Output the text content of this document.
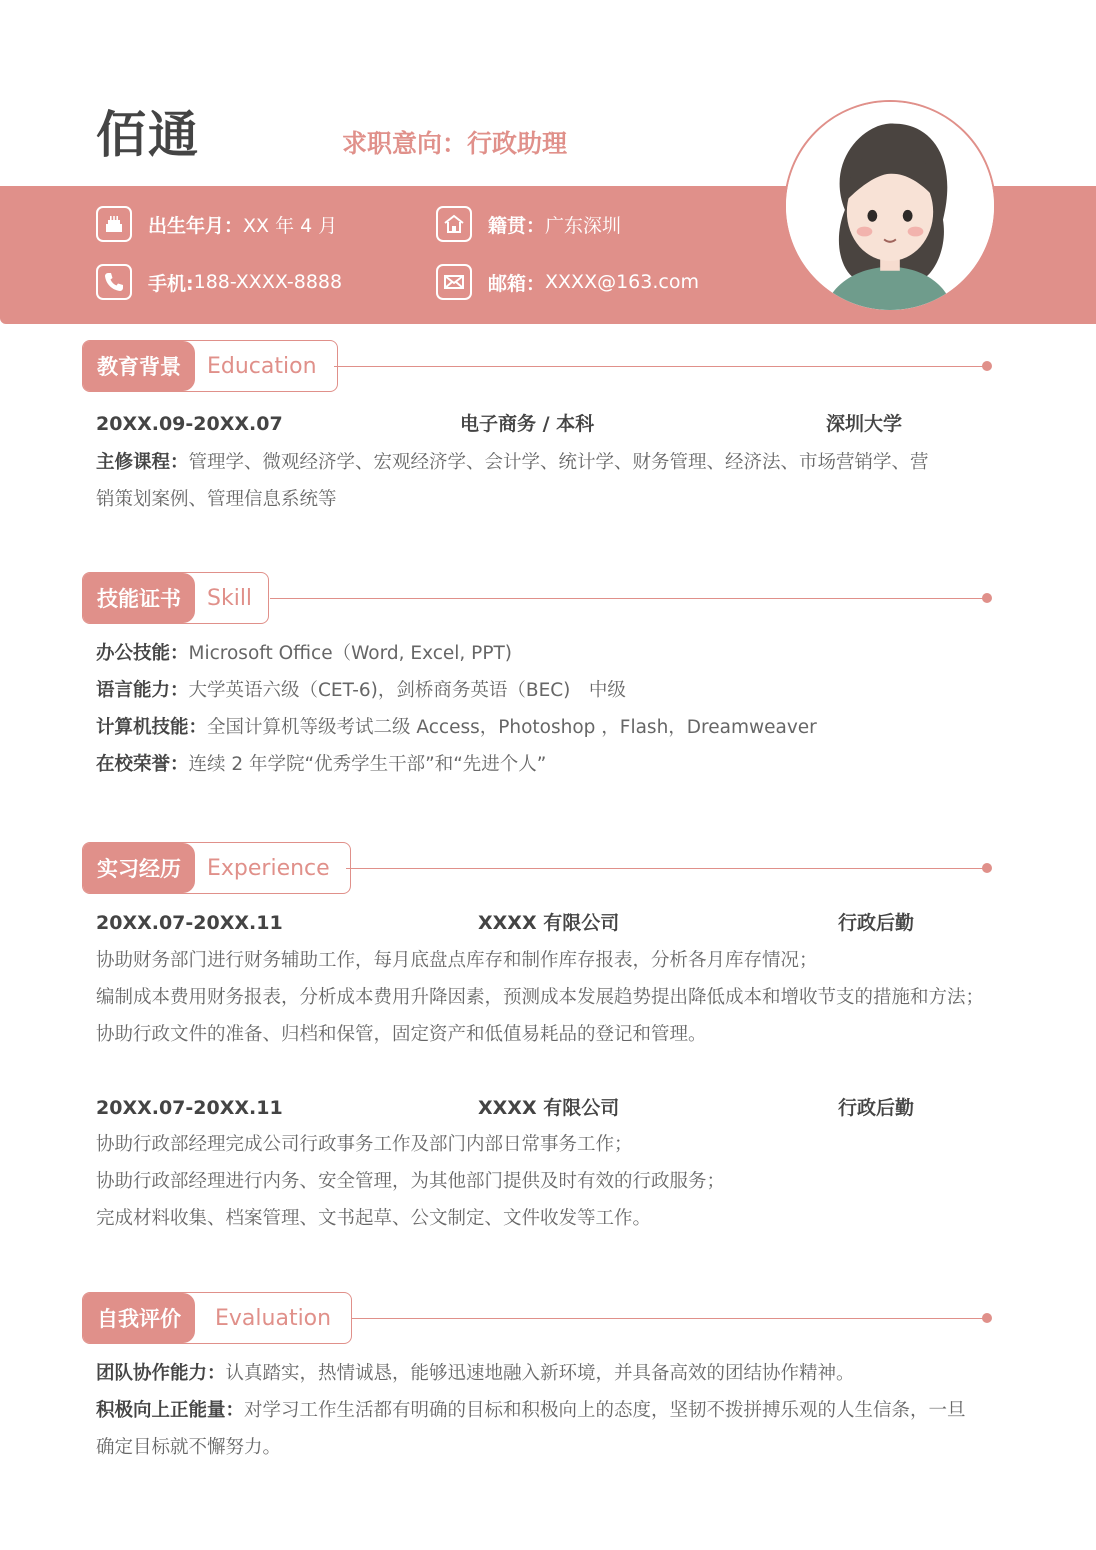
佰通	求职意向：行政助理
出生年月： XX 年 4 月	籍贯： 广东深圳
手机: 188-XXXX-8888	邮箱： XXXX@163.com
教育背景	Education
20XX.09-20XX.07	电子商务 / 本科	深圳大学
主修课程：管理学、微观经济学、宏观经济学、会计学、统计学、财务管理、经济法、市场营销学、营
销策划案例、管理信息系统等
技能证书	Skill
办公技能：Microsoft Office（Word, Excel, PPT)
语言能力：大学英语六级（CET-6)，剑桥商务英语（BEC)　中级
计算机技能：全国计算机等级考试二级 Access，Photoshop ，Flash，Dreamweaver
在校荣誉：连续 2 年学院“优秀学生干部”和“先进个人”
实习经历	Experience
20XX.07-20XX.11	XXXX 有限公司	行政后勤
协助财务部门进行财务辅助工作，每月底盘点库存和制作库存报表，分析各月库存情况；
编制成本费用财务报表，分析成本费用升降因素，预测成本发展趋势提出降低成本和增收节支的措施和方法；
协助行政文件的准备、归档和保管，固定资产和低值易耗品的登记和管理。
20XX.07-20XX.11	XXXX 有限公司	行政后勤
协助行政部经理完成公司行政事务工作及部门内部日常事务工作；
协助行政部经理进行内务、安全管理，为其他部门提供及时有效的行政服务；
完成材料收集、档案管理、文书起草、公文制定、文件收发等工作。
自我评价	Evaluation
团队协作能力：认真踏实，热情诚恳，能够迅速地融入新环境，并具备高效的团结协作精神。
积极向上正能量：对学习工作生活都有明确的目标和积极向上的态度，坚韧不拨拼搏乐观的人生信条，一旦
确定目标就不懈努力。
